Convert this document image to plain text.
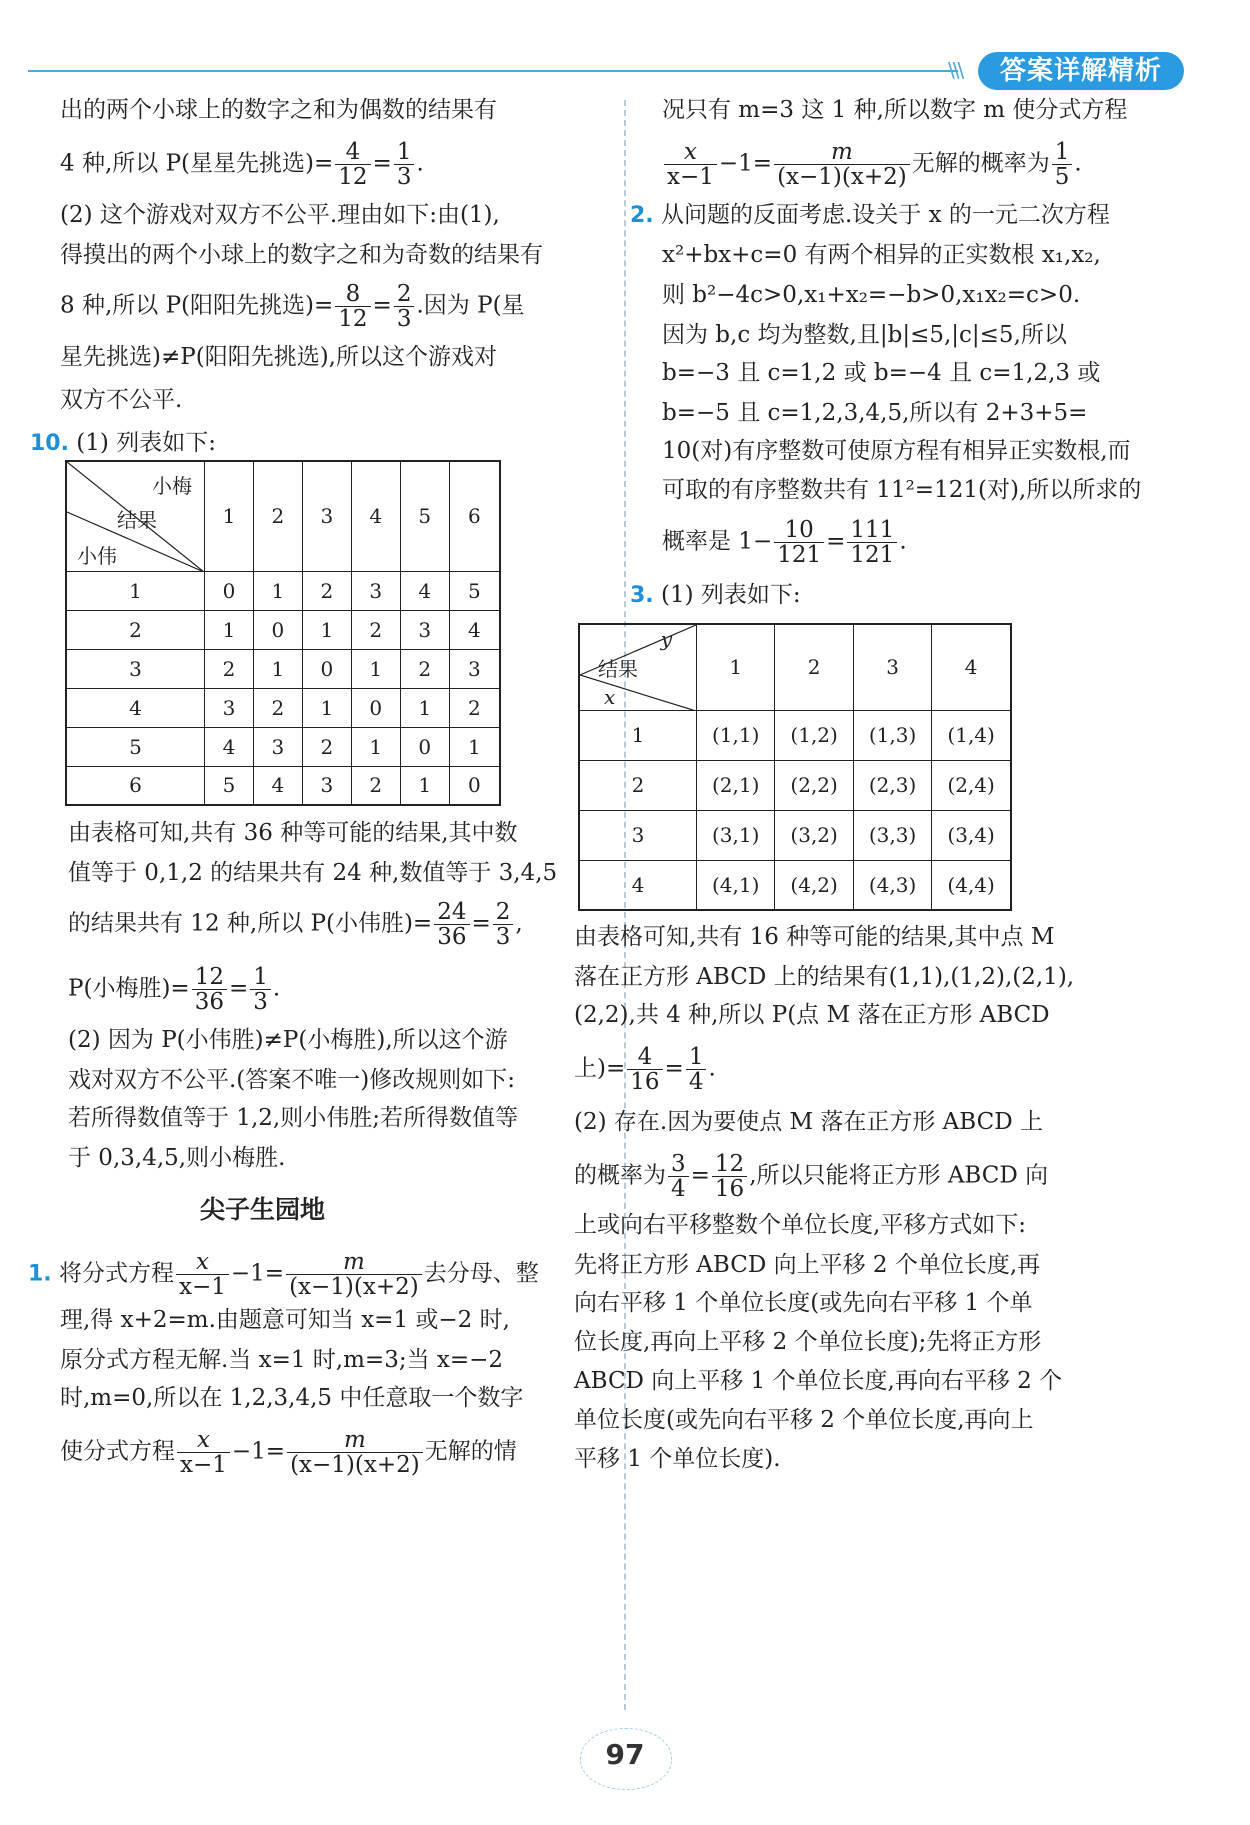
\\\	答案详解精析
出的两个小球上的数字之和为偶数的结果有
4 种,所以 P(星星先挑选)= $\frac{4}{12} = \frac{1}{3}$ .
(2) 这个游戏对双方不公平.理由如下:由(1),
得摸出的两个小球上的数字之和为奇数的结果有
8 种,所以 P(阳阳先挑选)= $\frac{8}{12} = \frac{2}{3}$ .因为 P(星
星先挑选)≠P(阳阳先挑选),所以这个游戏对
双方不公平.
10. (1) 列表如下:
小梅
结果
小伟	1	2	3	4	5	6
1	0	1	2	3	4	5
2	1	0	1	2	3	4
3	2	1	0	1	2	3
4	3	2	1	0	1	2
5	4	3	2	1	0	1
6	5	4	3	2	1	0
由表格可知,共有 36 种等可能的结果,其中数
值等于 0,1,2 的结果共有 24 种,数值等于 3,4,5
的结果共有 12 种,所以 P(小伟胜)= $\frac{24}{36} = \frac{2}{3}$ ,
P(小梅胜)= $\frac{12}{36} = \frac{1}{3}$ .
(2) 因为 P(小伟胜)≠P(小梅胜),所以这个游
戏对双方不公平.(答案不唯一)修改规则如下:
若所得数值等于 1,2,则小伟胜;若所得数值等
于 0,3,4,5,则小梅胜.
尖子生园地
1. 将分式方程 $\frac{x}{x-1} -1= \frac{m}{(x-1)(x+2)}$ 去分母、整
理,得 x+2=m.由题意可知当 x=1 或−2 时,
原分式方程无解.当 x=1 时,m=3;当 x=−2
时,m=0,所以在 1,2,3,4,5 中任意取一个数字
使分式方程 $\frac{x}{x-1} -1= \frac{m}{(x-1)(x+2)}$ 无解的情
况只有 m=3 这 1 种,所以数字 m 使分式方程
$\frac{x}{x-1} -1= \frac{m}{(x-1)(x+2)}$ 无解的概率为 $\frac{1}{5}$ .
2. 从问题的反面考虑.设关于 x 的一元二次方程
x²+bx+c=0 有两个相异的正实数根 x₁,x₂,
则 b²−4c>0,x₁+x₂=−b>0,x₁x₂=c>0.
因为 b,c 均为整数,且|b|≤5,|c|≤5,所以
b=−3 且 c=1,2 或 b=−4 且 c=1,2,3 或
b=−5 且 c=1,2,3,4,5,所以有 2+3+5=
10(对)有序整数可使原方程有相异正实数根,而
可取的有序整数共有 11²=121(对),所以所求的
概率是 $1- \frac{10}{121} = \frac{111}{121}$ .
3. (1) 列表如下:
y
结果
x	1	2	3	4
1	(1,1)	(1,2)	(1,3)	(1,4)
2	(2,1)	(2,2)	(2,3)	(2,4)
3	(3,1)	(3,2)	(3,3)	(3,4)
4	(4,1)	(4,2)	(4,3)	(4,4)
由表格可知,共有 16 种等可能的结果,其中点 M
落在正方形 ABCD 上的结果有(1,1),(1,2),(2,1),
(2,2),共 4 种,所以 P(点 M 落在正方形 ABCD
上)= $\frac{4}{16} = \frac{1}{4}$ .
(2) 存在.因为要使点 M 落在正方形 ABCD 上
的概率为 $\frac{3}{4} = \frac{12}{16}$ ,所以只能将正方形 ABCD 向
上或向右平移整数个单位长度,平移方式如下:
先将正方形 ABCD 向上平移 2 个单位长度,再
向右平移 1 个单位长度(或先向右平移 1 个单
位长度,再向上平移 2 个单位长度);先将正方形
ABCD 向上平移 1 个单位长度,再向右平移 2 个
单位长度(或先向右平移 2 个单位长度,再向上
平移 1 个单位长度).
97
